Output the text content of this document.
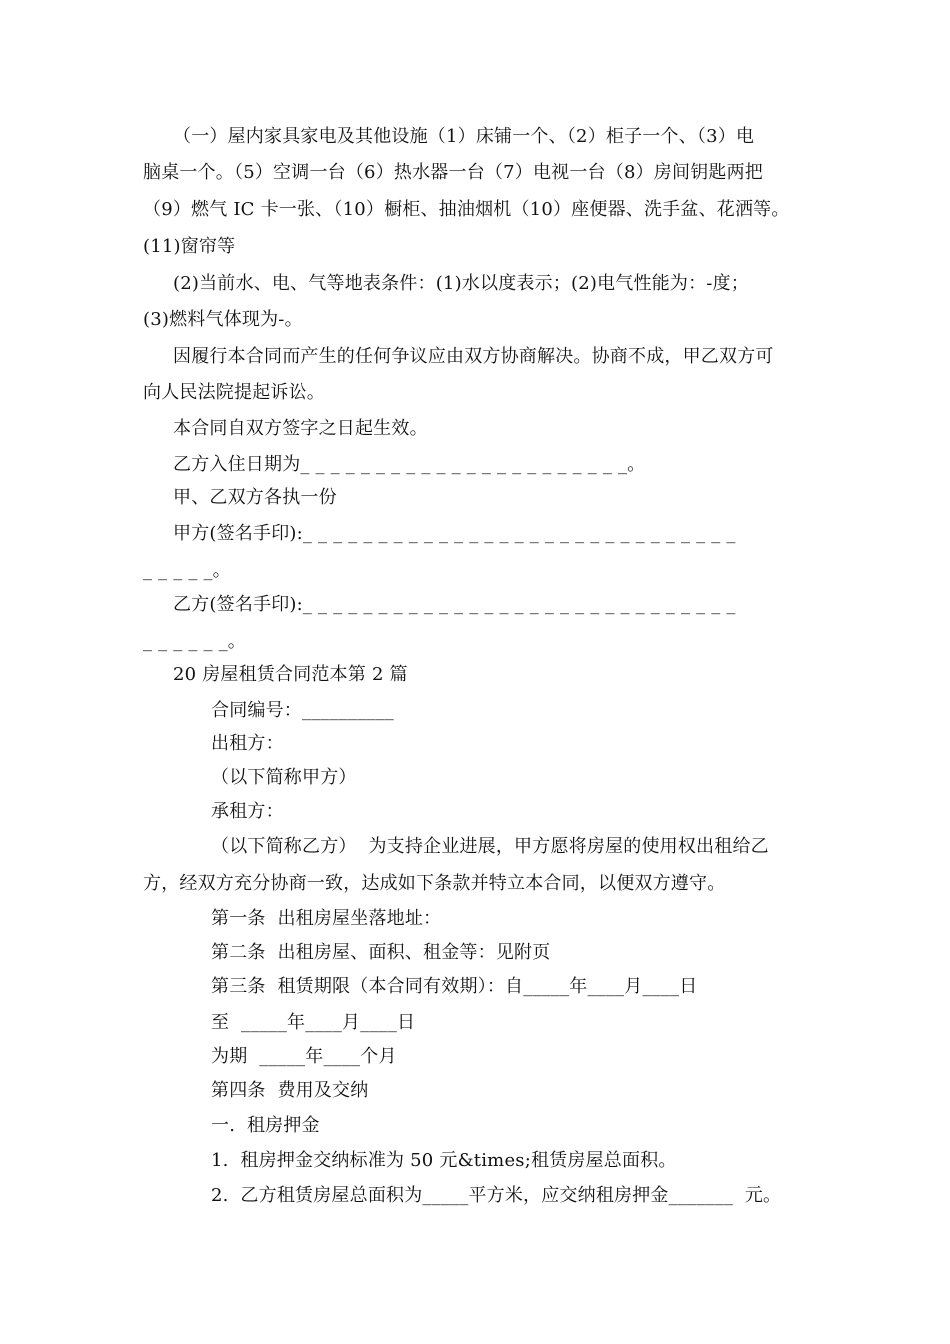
（一）屋内家具家电及其他设施（1）床铺一个、（2）柜子一个、（3）电
脑桌一个。（5）空调一台（6）热水器一台（7）电视一台（8）房间钥匙两把
（9）燃气 IC 卡一张、（10）橱柜、抽油烟机（10）座便器、洗手盆、花洒等。
(11)窗帘等
(2)当前水、电、气等地表条件：(1)水以度表示；(2)电气性能为：-度；
(3)燃料气体现为-。
因履行本合同而产生的任何争议应由双方协商解决。协商不成，甲乙双方可
向人民法院提起诉讼。
本合同自双方签字之日起生效。
乙方入住日期为_ _ _ _ _ _ _ _ _ _ _ _ _ _ _ _ _ _ _ _ _ _。
甲、乙双方各执一份
甲方(签名手印):_ _ _ _ _ _ _ _ _ _ _ _ _ _ _ _ _ _ _ _ _ _ _ _ _ _ _ _ _
_ _ _ _ _。
乙方(签名手印):_ _ _ _ _ _ _ _ _ _ _ _ _ _ _ _ _ _ _ _ _ _ _ _ _ _ _ _ _
_ _ _ _ _ _。
20 房屋租赁合同范本第 2 篇
合同编号：__________
出租方：
（以下简称甲方）
承租方：
（以下简称乙方）  为支持企业进展，甲方愿将房屋的使用权出租给乙
方，经双方充分协商一致，达成如下条款并特立本合同，以便双方遵守。
第一条  出租房屋坐落地址：
第二条  出租房屋、面积、租金等：见附页
第三条  租赁期限（本合同有效期）：自_____年____月____日
至  _____年____月____日
为期  _____年____个月
第四条  费用及交纳
一.  租房押金
1.  租房押金交纳标准为 50 元&times;租赁房屋总面积。
2.  乙方租赁房屋总面积为_____平方米，应交纳租房押金_______  元。
